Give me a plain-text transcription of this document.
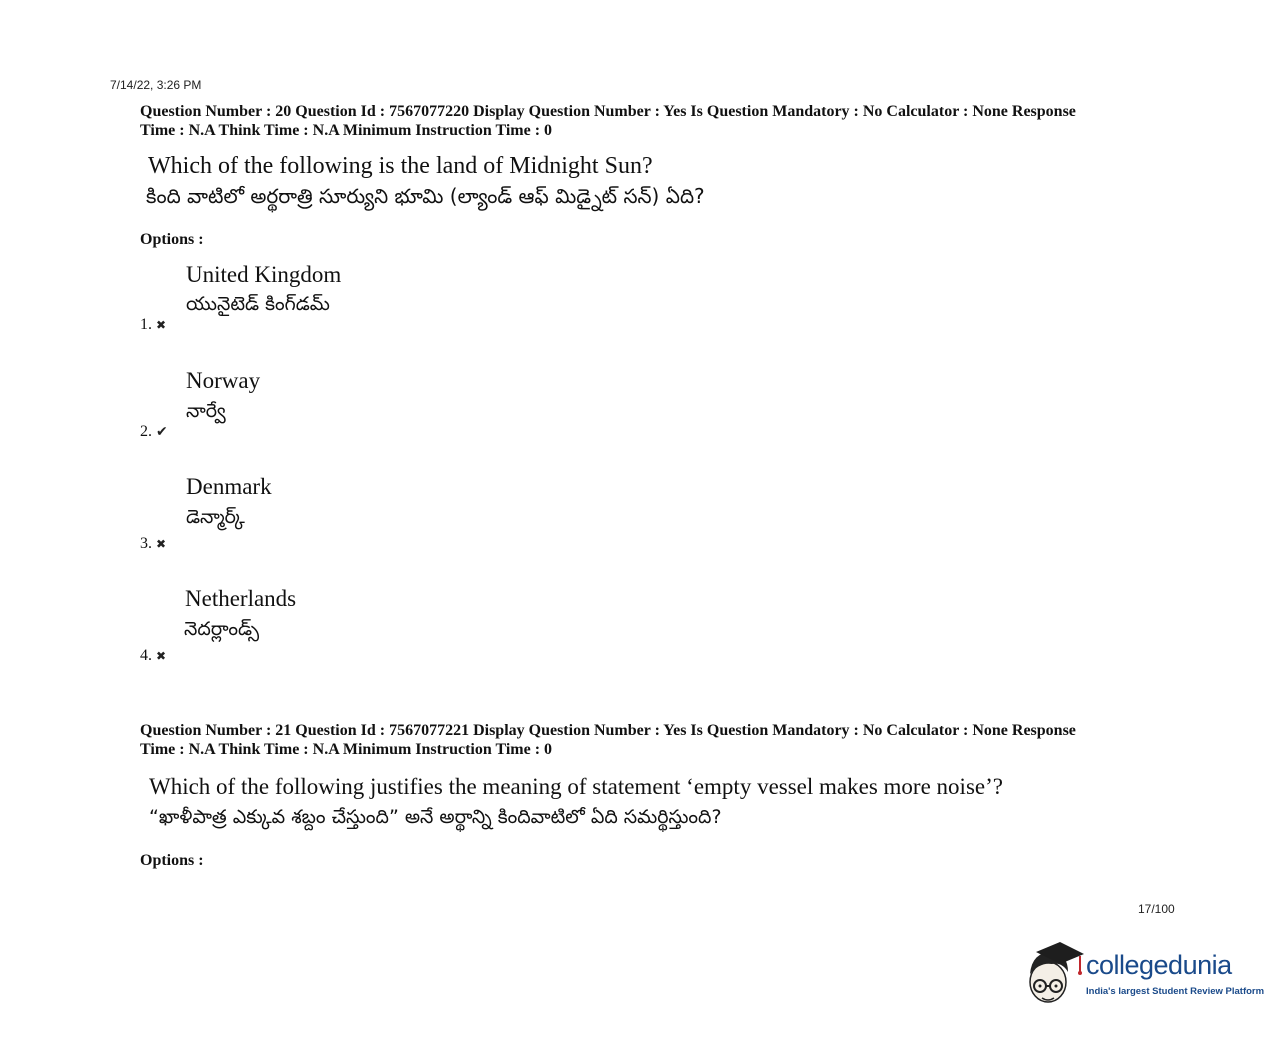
7/14/22, 3:26 PM
Question Number : 20 Question Id : 7567077220 Display Question Number : Yes Is Question Mandatory : No Calculator : None Response
Time : N.A Think Time : N.A Minimum Instruction Time : 0
Which of the following is the land of Midnight Sun?
కింది వాటిలో అర్థరాత్రి సూర్యుని భూమి (ల్యాండ్ ఆఫ్ మిడ్నైట్ సన్) ఏది?
Options :
United Kingdom
యునైటెడ్ కింగ్‌డమ్
1. ✖
Norway
నార్వే
2. ✔
Denmark
డెన్మార్క్
3. ✖
Netherlands
నెదర్లాండ్స్
4. ✖
Question Number : 21 Question Id : 7567077221 Display Question Number : Yes Is Question Mandatory : No Calculator : None Response
Time : N.A Think Time : N.A Minimum Instruction Time : 0
Which of the following justifies the meaning of statement ‘empty vessel makes more noise’?
“ఖాళీపాత్ర ఎక్కువ శబ్దం చేస్తుంది” అనే అర్థాన్ని కిందివాటిలో ఏది సమర్థిస్తుంది?
Options :
17/100
collegedunia
India's largest Student Review Platform
